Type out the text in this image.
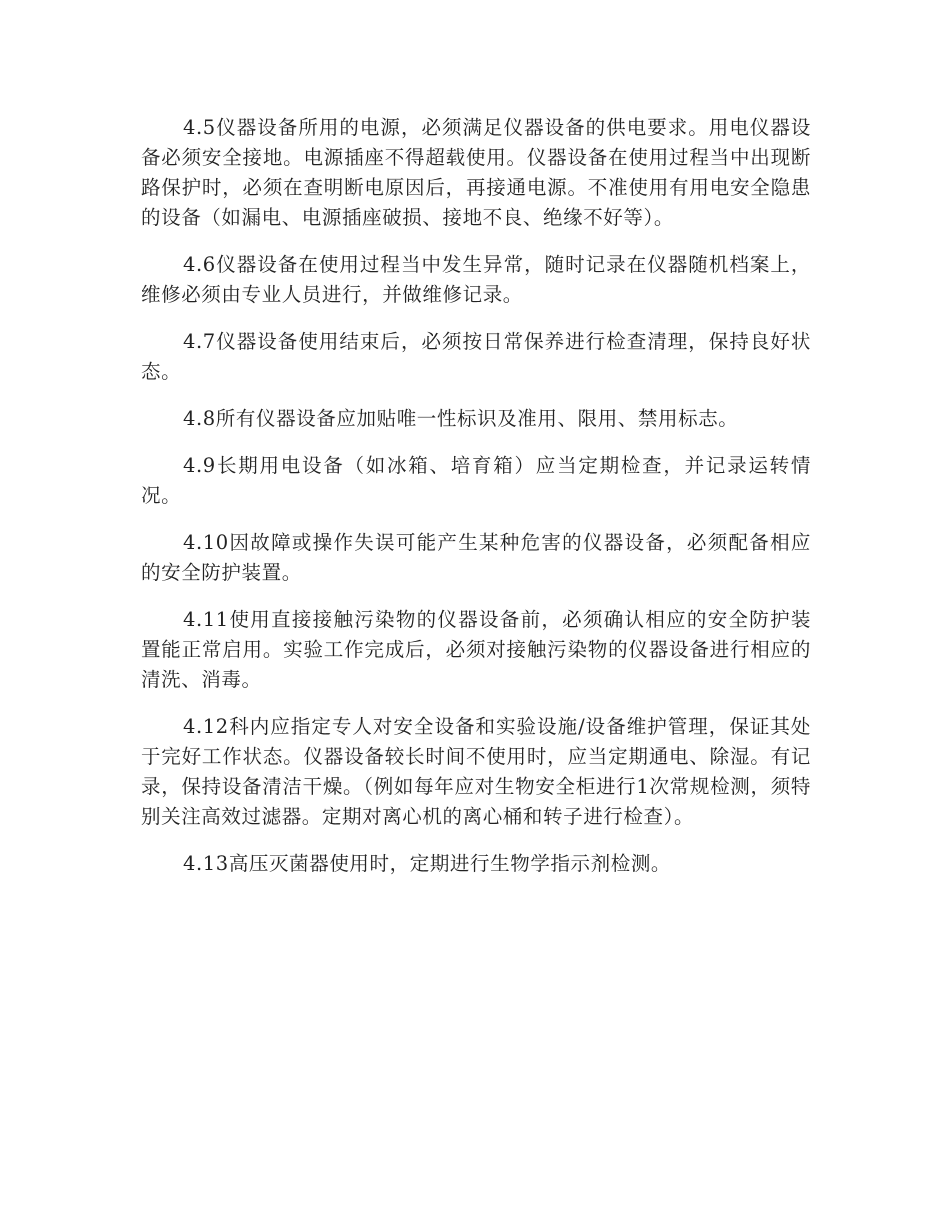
4.5仪器设备所用的电源，必须满足仪器设备的供电要求。用电仪器设备必须安全接地。电源插座不得超载使用。仪器设备在使用过程当中出现断路保护时，必须在查明断电原因后，再接通电源。不准使用有用电安全隐患的设备（如漏电、电源插座破损、接地不良、绝缘不好等）。

4.6仪器设备在使用过程当中发生异常，随时记录在仪器随机档案上，维修必须由专业人员进行，并做维修记录。

4.7仪器设备使用结束后，必须按日常保养进行检查清理，保持良好状态。

4.8所有仪器设备应加贴唯一性标识及准用、限用、禁用标志。

4.9长期用电设备（如冰箱、培育箱）应当定期检查，并记录运转情况。

4.10因故障或操作失误可能产生某种危害的仪器设备，必须配备相应的安全防护装置。

4.11使用直接接触污染物的仪器设备前，必须确认相应的安全防护装置能正常启用。实验工作完成后，必须对接触污染物的仪器设备进行相应的清洗、消毒。

4.12科内应指定专人对安全设备和实验设施/设备维护管理，保证其处于完好工作状态。仪器设备较长时间不使用时，应当定期通电、除湿。有记录，保持设备清洁干燥。（例如每年应对生物安全柜进行1次常规检测，须特别关注高效过滤器。定期对离心机的离心桶和转子进行检查）。

4.13高压灭菌器使用时，定期进行生物学指示剂检测。
